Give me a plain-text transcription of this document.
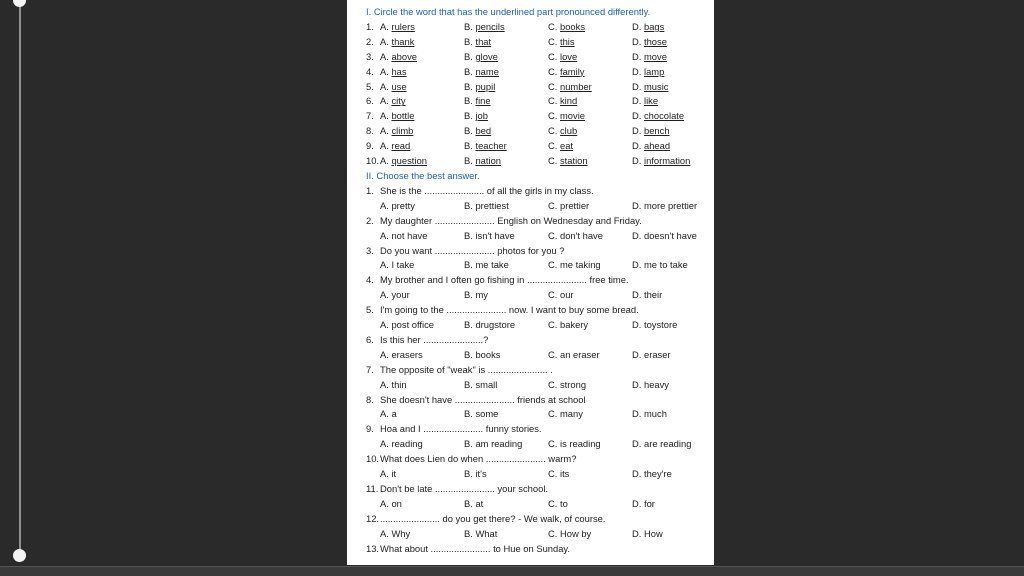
I. Circle the word that has the underlined part pronounced differently.
1. A. rulers	B. pencils	C. books	D. bags
2. A. thank	B. that	C. this	D. those
3. A. above	B. glove	C. love	D. move
4. A. has	B. name	C. family	D. lamp
5. A. use	B. pupil	C. number	D. music
6. A. city	B. fine	C. kind	D. like
7. A. bottle	B. job	C. movie	D. chocolate
8. A. climb	B. bed	C. club	D. bench
9. A. read	B. teacher	C. eat	D. ahead
10. A. question	B. nation	C. station	D. information
II. Choose the best answer.
1. She is the ....................... of all the girls in my class.
A. pretty	B. prettiest	C. prettier	D. more prettier
2. My daughter ....................... English on Wednesday and Friday.
A. not have	B. isn't have	C. don't have	D. doesn't have
3. Do you want ....................... photos for you ?
A. I take	B. me take	C. me taking	D. me to take
4. My brother and I often go fishing in ....................... free time.
A. your	B. my	C. our	D. their
5. I'm going to the ....................... now. I want to buy some bread.
A. post office	B. drugstore	C. bakery	D. toystore
6. Is this her .......................?
A. erasers	B. books	C. an eraser	D. eraser
7. The opposite of "weak" is ....................... .
A. thin	B. small	C. strong	D. heavy
8. She doesn't have ....................... friends at school
A. a	B. some	C. many	D. much
9. Hoa and I ....................... funny stories.
A. reading	B. am reading	C. is reading	D. are reading
10. What does Lien do when ....................... warm?
A. it	B. it's	C. its	D. they're
11. Don't be late ....................... your school.
A. on	B. at	C. to	D. for
12. ....................... do you get there? - We walk, of course.
A. Why	B. What	C. How by	D. How
13. What about ....................... to Hue on Sunday.
